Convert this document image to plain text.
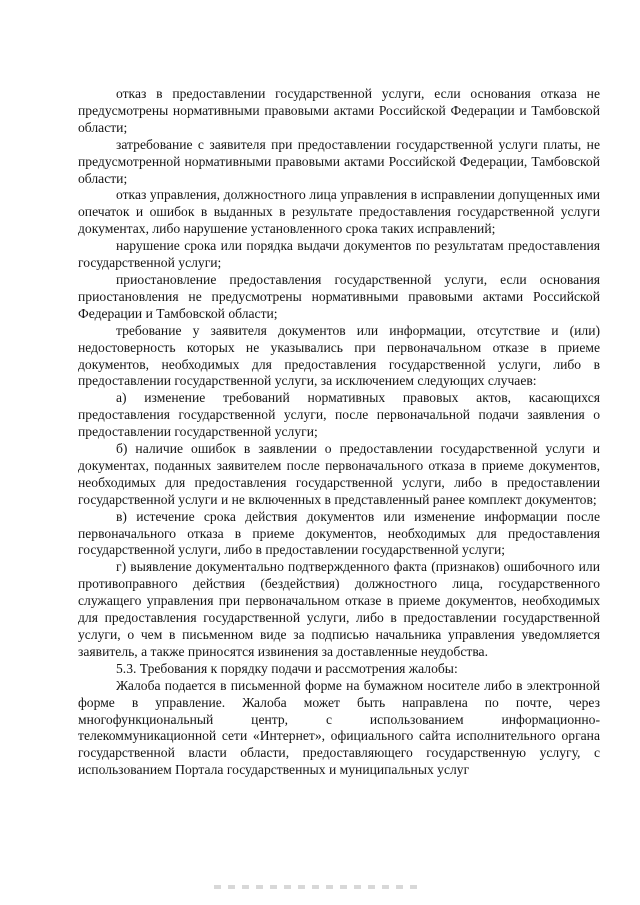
отказ в предоставлении государственной услуги, если основания отказа не предусмотрены нормативными правовыми актами Российской Федерации и Тамбовской области;

затребование с заявителя при предоставлении государственной услуги платы, не предусмотренной нормативными правовыми актами Российской Федерации, Тамбовской области;

отказ управления, должностного лица управления в исправлении допущенных ими опечаток и ошибок в выданных в результате предоставления государственной услуги документах, либо нарушение установленного срока таких исправлений;

нарушение срока или порядка выдачи документов по результатам предоставления государственной услуги;

приостановление предоставления государственной услуги, если основания приостановления не предусмотрены нормативными правовыми актами Российской Федерации и Тамбовской области;

требование у заявителя документов или информации, отсутствие и (или) недостоверность которых не указывались при первоначальном отказе в приеме документов, необходимых для предоставления государственной услуги, либо в предоставлении государственной услуги, за исключением следующих случаев:

а) изменение требований нормативных правовых актов, касающихся предоставления государственной услуги, после первоначальной подачи заявления о предоставлении государственной услуги;

б) наличие ошибок в заявлении о предоставлении государственной услуги и документах, поданных заявителем после первоначального отказа в приеме документов, необходимых для предоставления государственной услуги, либо в предоставлении государственной услуги и не включенных в представленный ранее комплект документов;

в) истечение срока действия документов или изменение информации после первоначального отказа в приеме документов, необходимых для предоставления государственной услуги, либо в предоставлении государственной услуги;

г) выявление документально подтвержденного факта (признаков) ошибочного или противоправного действия (бездействия) должностного лица, государственного служащего управления при первоначальном отказе в приеме документов, необходимых для предоставления государственной услуги, либо в предоставлении государственной услуги, о чем в письменном виде за подписью начальника управления уведомляется заявитель, а также приносятся извинения за доставленные неудобства.

5.3. Требования к порядку подачи и рассмотрения жалобы:

Жалоба подается в письменной форме на бумажном носителе либо в электронной форме в управление. Жалоба может быть направлена по почте, через многофункциональный центр, с использованием информационно-телекоммуникационной сети «Интернет», официального сайта исполнительного органа государственной власти области, предоставляющего государственную услугу, с использованием Портала государственных и муниципальных услуг
